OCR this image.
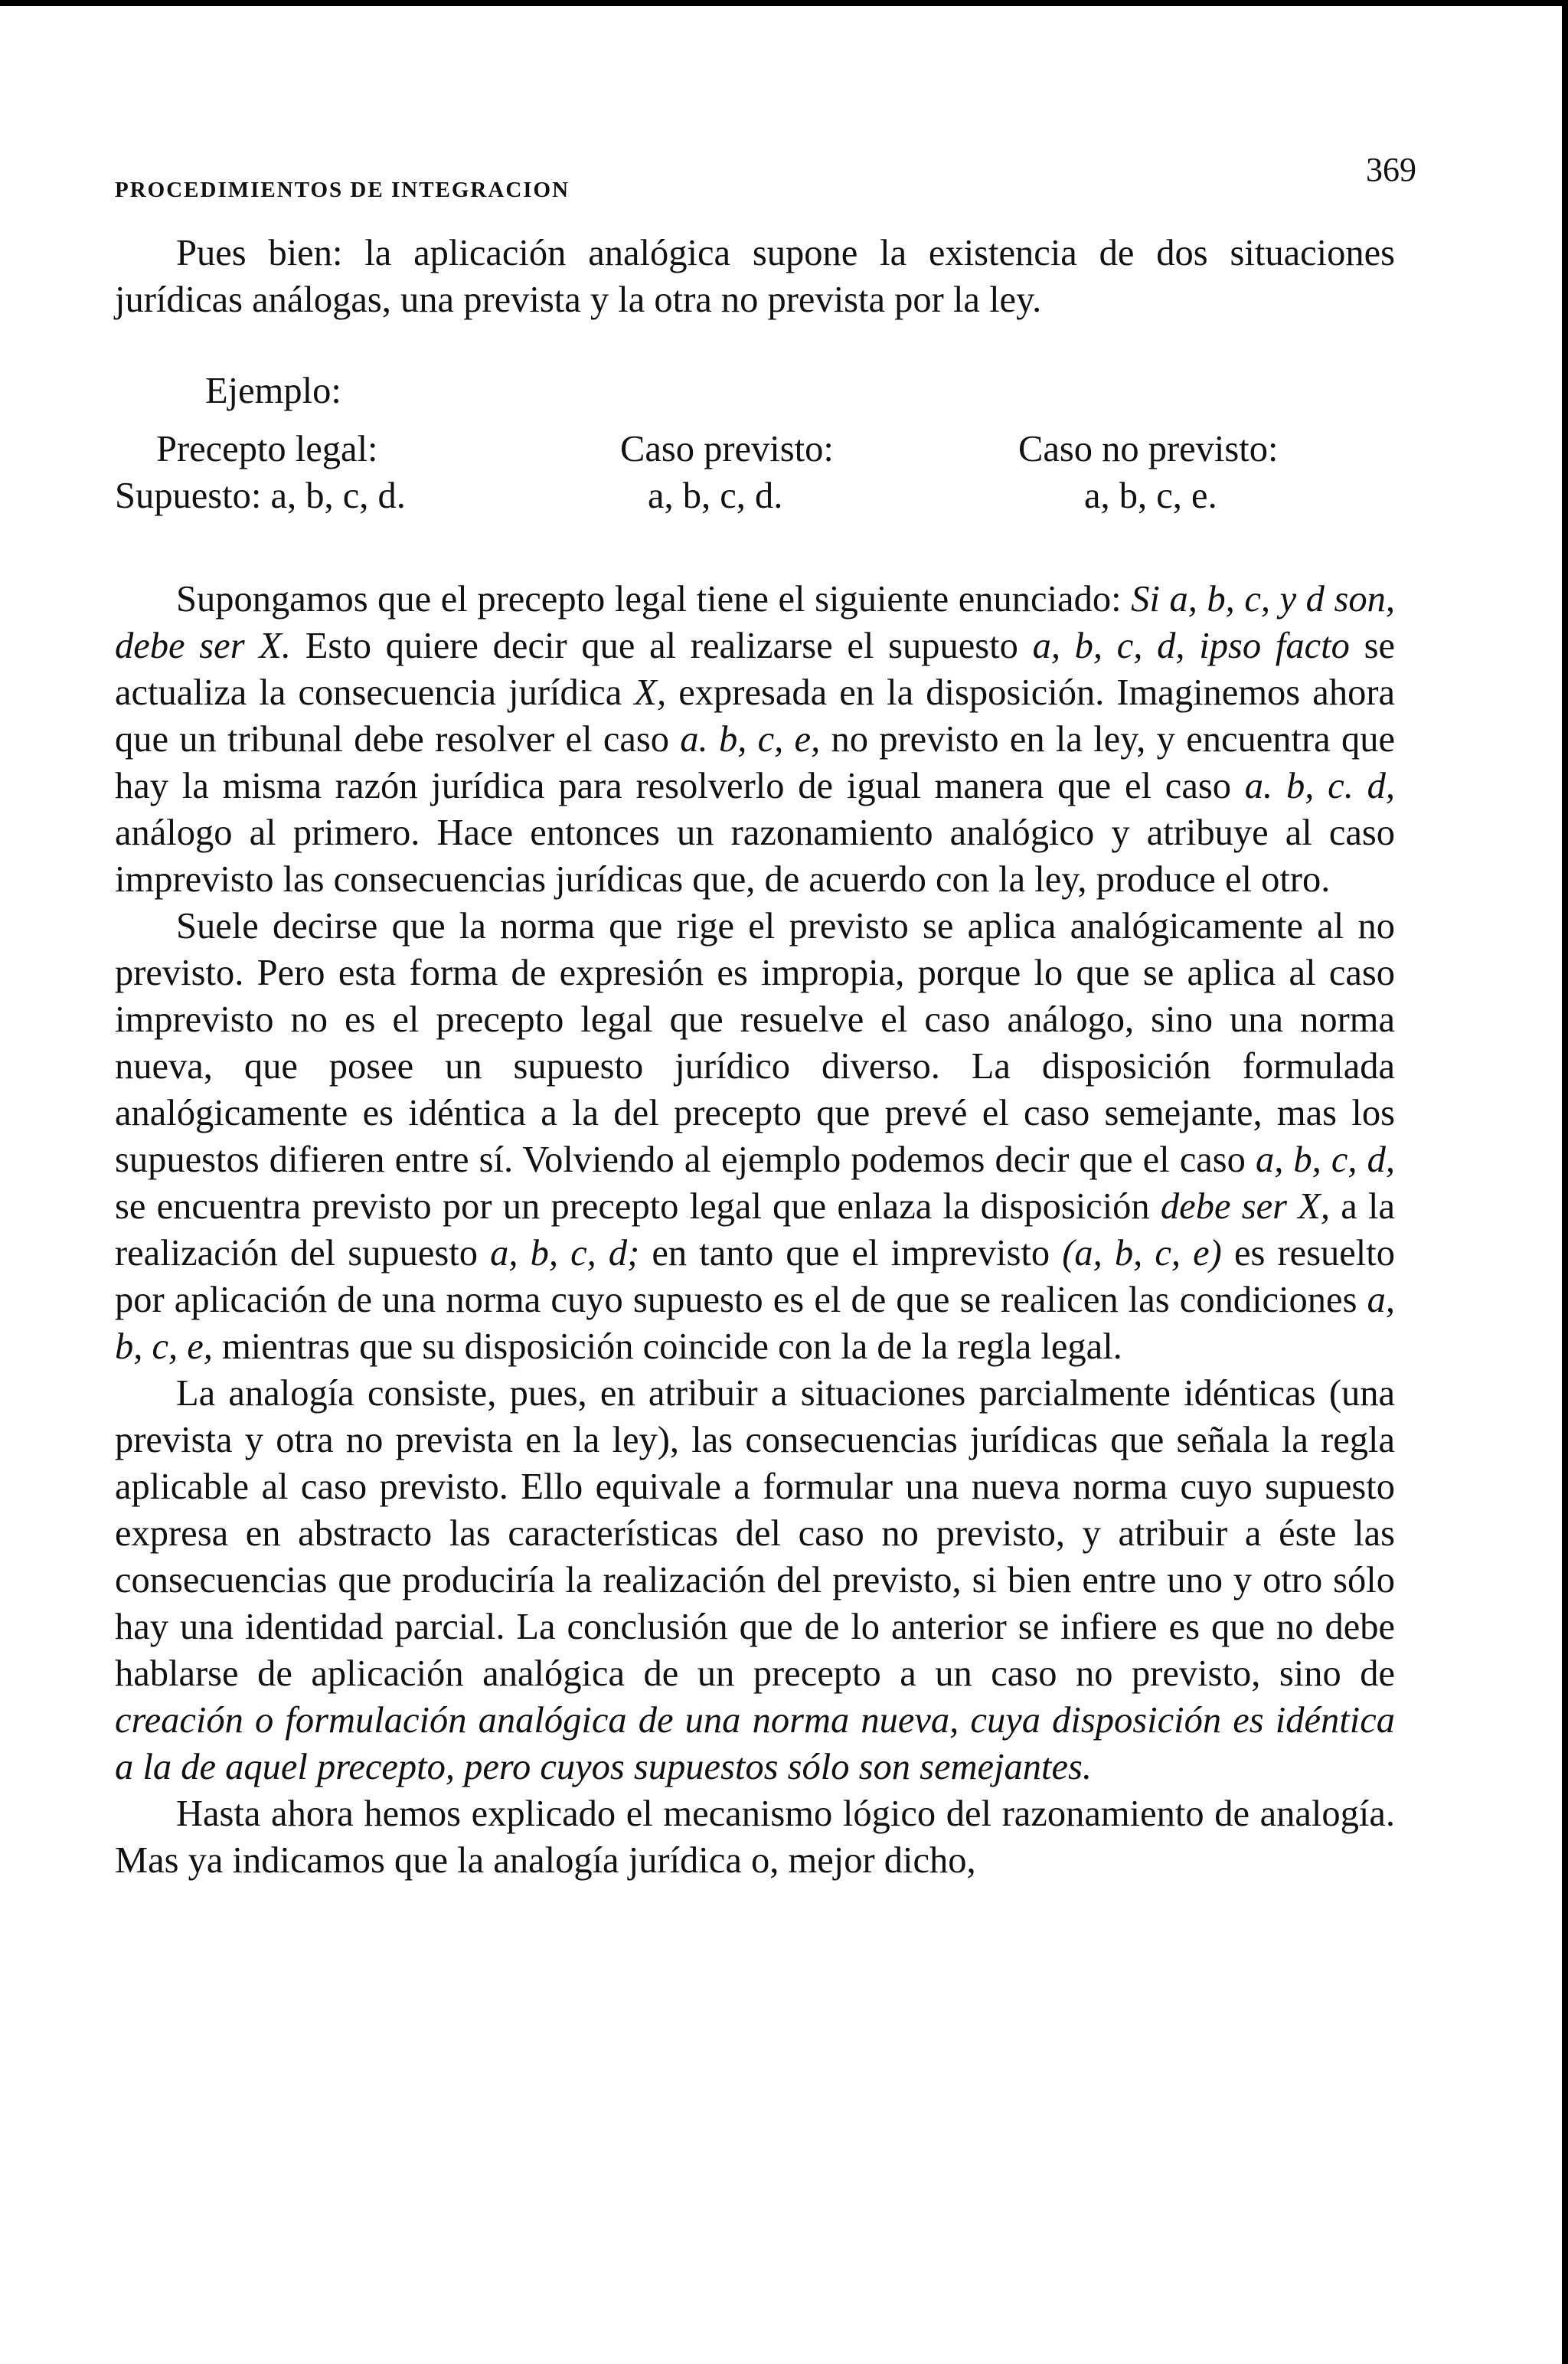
PROCEDIMIENTOS DE INTEGRACION
369

Pues bien: la aplicación analógica supone la existencia de dos situaciones jurídicas análogas, una prevista y la otra no prevista por la ley.

Ejemplo:
Precepto legal:
Supuesto: a, b, c, d.
Caso previsto:
a, b, c, d.
Caso no previsto:
a, b, c, e.

Supongamos que el precepto legal tiene el siguiente enunciado: Si a, b, c, y d son, debe ser X. Esto quiere decir que al realizarse el supuesto a, b, c, d, ipso facto se actualiza la consecuencia jurídica X, expresada en la disposición. Imaginemos ahora que un tribunal debe resolver el caso a. b, c, e, no previsto en la ley, y encuentra que hay la misma razón jurídica para resolverlo de igual manera que el caso a. b, c. d, análogo al primero. Hace entonces un razonamiento analógico y atribuye al caso imprevisto las consecuencias jurídicas que, de acuerdo con la ley, produce el otro.

Suele decirse que la norma que rige el previsto se aplica analógicamente al no previsto. Pero esta forma de expresión es impropia, porque lo que se aplica al caso imprevisto no es el precepto legal que resuelve el caso análogo, sino una norma nueva, que posee un supuesto jurídico diverso. La disposición formulada analógicamente es idéntica a la del precepto que prevé el caso semejante, mas los supuestos difieren entre sí. Volviendo al ejemplo podemos decir que el caso a, b, c, d, se encuentra previsto por un precepto legal que enlaza la disposición debe ser X, a la realización del supuesto a, b, c, d; en tanto que el imprevisto (a, b, c, e) es resuelto por aplicación de una norma cuyo supuesto es el de que se realicen las condiciones a, b, c, e, mientras que su disposición coincide con la de la regla legal.

La analogía consiste, pues, en atribuir a situaciones parcialmente idénticas (una prevista y otra no prevista en la ley), las consecuencias jurídicas que señala la regla aplicable al caso previsto. Ello equivale a formular una nueva norma cuyo supuesto expresa en abstracto las características del caso no previsto, y atribuir a éste las consecuencias que produciría la realización del previsto, si bien entre uno y otro sólo hay una identidad parcial. La conclusión que de lo anterior se infiere es que no debe hablarse de aplicación analógica de un precepto a un caso no previsto, sino de creación o formulación analógica de una norma nueva, cuya disposición es idéntica a la de aquel precepto, pero cuyos supuestos sólo son semejantes.

Hasta ahora hemos explicado el mecanismo lógico del razonamiento de analogía. Mas ya indicamos que la analogía jurídica o, mejor dicho,
